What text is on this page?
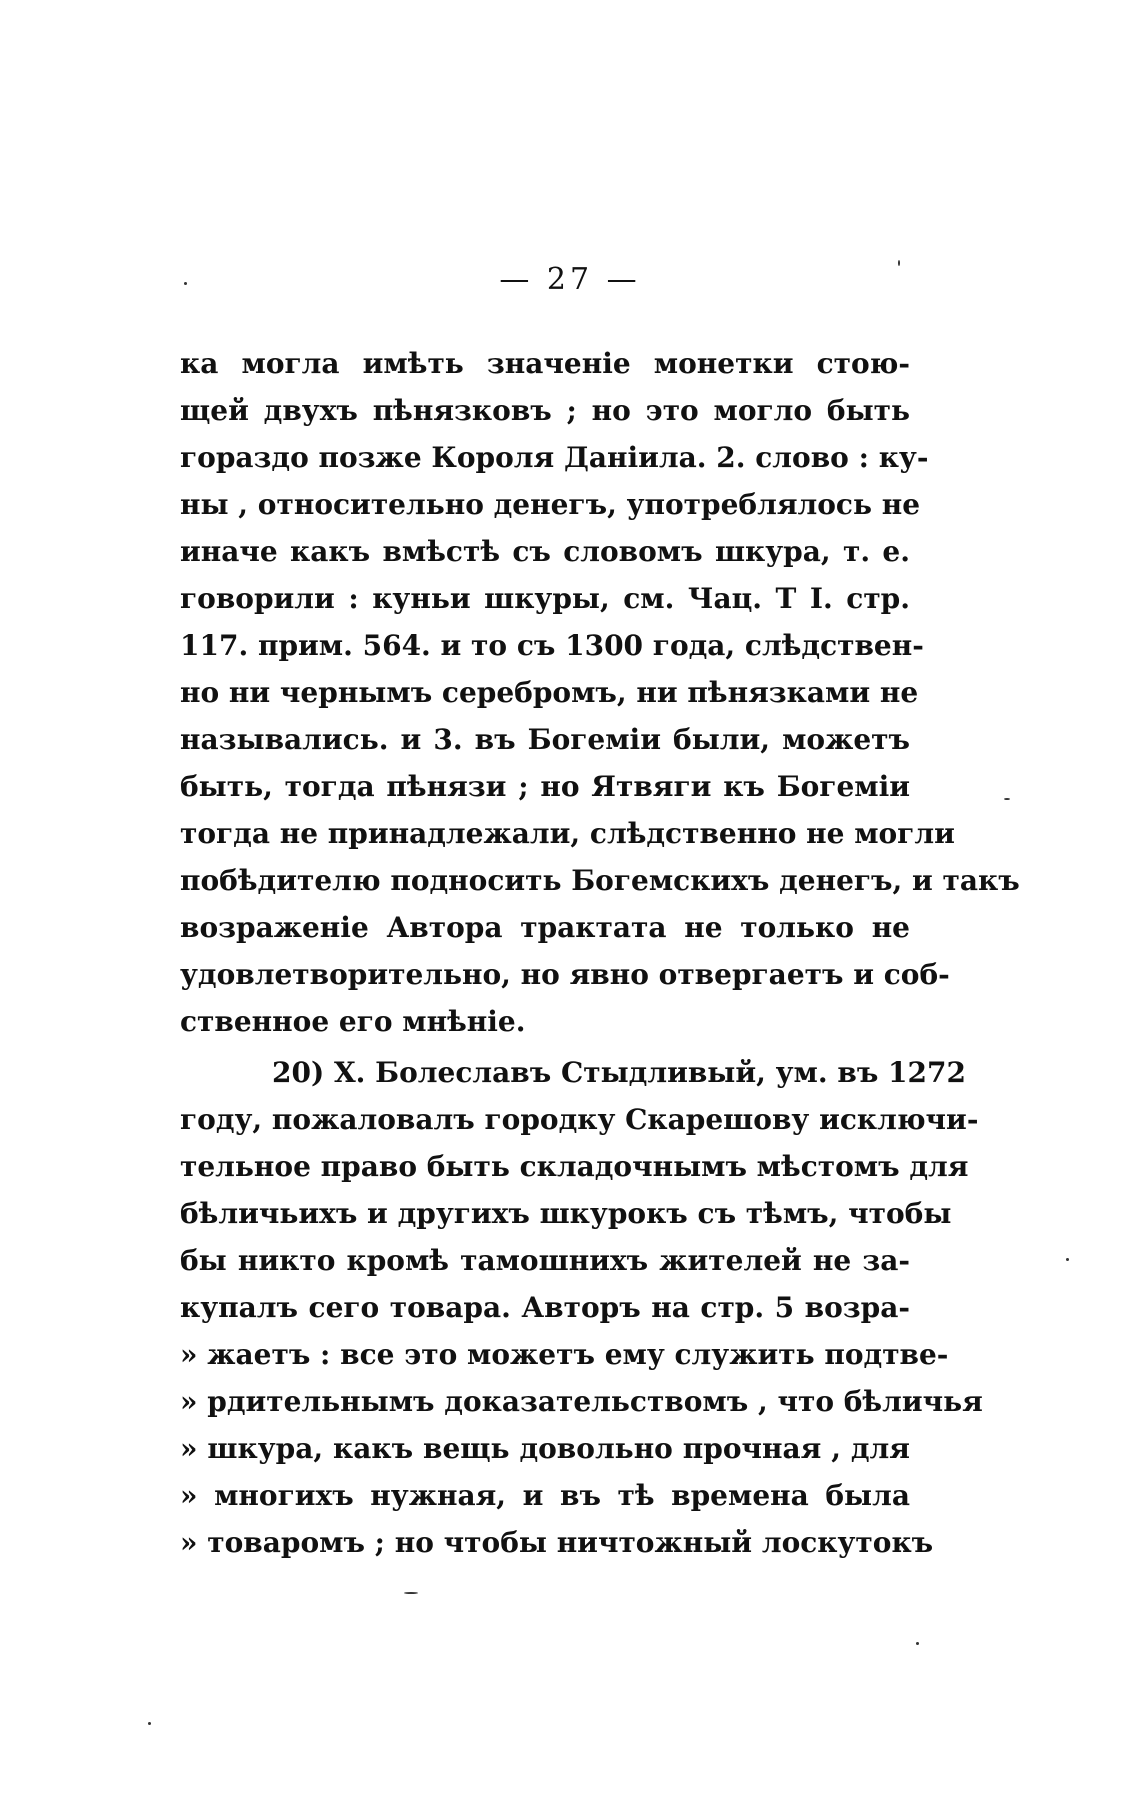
— 27 —
ка могла имѣть значенiе монетки стою-
щей двухъ пѣнязковъ ; но это могло быть
гораздо позже Короля Данiила. 2. слово : ку-
ны , относительно денегъ, употреблялось не
иначе какъ вмѣстѣ съ словомъ шкура, т. е.
говорили : куньи шкуры, см. Чац. Т I. стр.
117. прим. 564. и то съ 1300 года, слѣдствен-
но ни чернымъ серебромъ, ни пѣнязками не
назывались. и 3. въ Богемiи были, можетъ
быть, тогда пѣнязи ; но Ятвяги къ Богемiи
тогда не принадлежали, слѣдственно не могли
побѣдителю подносить Богемскихъ денегъ, и такъ
возраженiе Автора трактата не только не
удовлетворительно, но явно отвергаетъ и соб-
ственное его мнѣнiе.
20) Х. Болеславъ Стыдливый, ум. въ 1272
году, пожаловалъ городку Скарешову исключи-
тельное право быть складочнымъ мѣстомъ для
бѣличьихъ и другихъ шкурокъ съ тѣмъ, чтобы
бы никто кромѣ тамошнихъ жителей не за-
купалъ сего товара. Авторъ на стр. 5 возра-
» жаетъ : все это можетъ ему служить подтве-
» рдительнымъ доказательствомъ , что бѣличья
» шкура, какъ вещь довольно прочная , для
» многихъ нужная, и въ тѣ времена была
» товаромъ ; но чтобы ничтожный лоскутокъ
